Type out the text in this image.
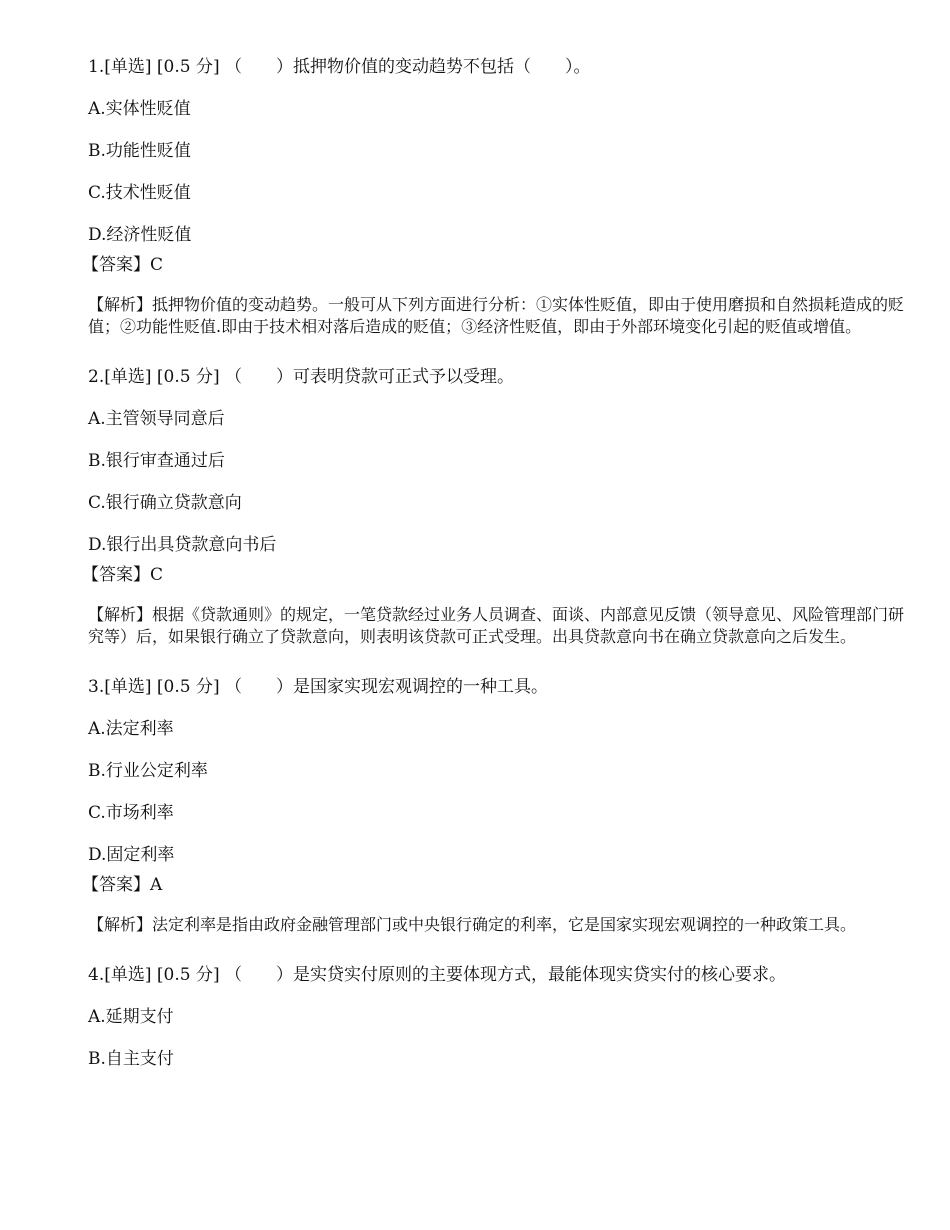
1.[单选] [0.5 分] （　　）抵押物价值的变动趋势不包括（　　）。
A.实体性贬值
B.功能性贬值
C.技术性贬值
D.经济性贬值
【答案】C
【解析】抵押物价值的变动趋势。一般可从下列方面进行分析：①实体性贬值，即由于使用磨损和自然损耗造成的贬值；②功能性贬值.即由于技术相对落后造成的贬值；③经济性贬值，即由于外部环境变化引起的贬值或增值。
2.[单选] [0.5 分] （　　）可表明贷款可正式予以受理。
A.主管领导同意后
B.银行审查通过后
C.银行确立贷款意向
D.银行出具贷款意向书后
【答案】C
【解析】根据《贷款通则》的规定，一笔贷款经过业务人员调查、面谈、内部意见反馈（领导意见、风险管理部门研究等）后，如果银行确立了贷款意向，则表明该贷款可正式受理。出具贷款意向书在确立贷款意向之后发生。
3.[单选] [0.5 分] （　　）是国家实现宏观调控的一种工具。
A.法定利率
B.行业公定利率
C.市场利率
D.固定利率
【答案】A
【解析】法定利率是指由政府金融管理部门或中央银行确定的利率，它是国家实现宏观调控的一种政策工具。
4.[单选] [0.5 分] （　　）是实贷实付原则的主要体现方式，最能体现实贷实付的核心要求。
A.延期支付
B.自主支付
